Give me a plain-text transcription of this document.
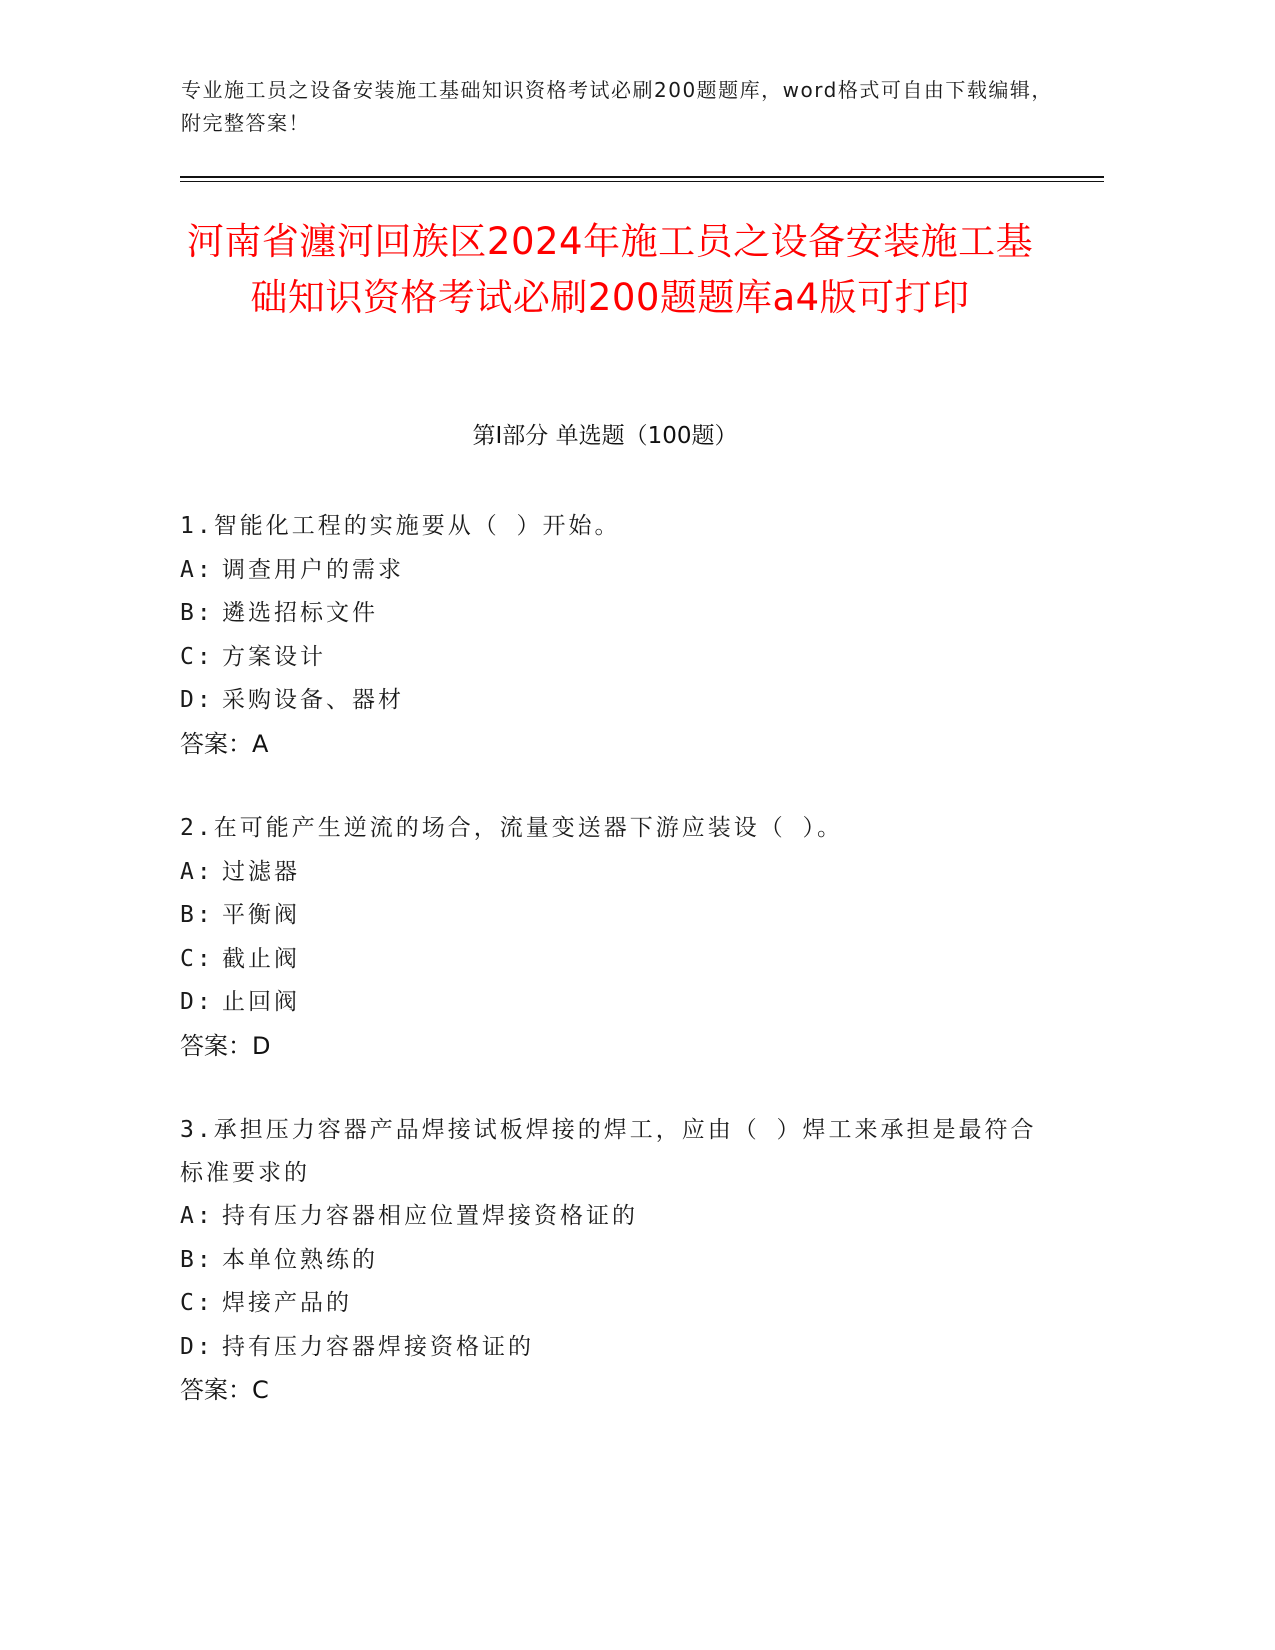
专业施工员之设备安装施工基础知识资格考试必刷200题题库，word格式可自由下载编辑，附完整答案！
河南省瀍河回族区2024年施工员之设备安装施工基础知识资格考试必刷200题题库a4版可打印
第Ⅰ部分 单选题（100题）
1.智能化工程的实施要从（ ）开始。
A: 调查用户的需求
B: 遴选招标文件
C: 方案设计
D: 采购设备、器材
答案：A
2.在可能产生逆流的场合，流量变送器下游应装设（ ）。
A: 过滤器
B: 平衡阀
C: 截止阀
D: 止回阀
答案：D
3.承担压力容器产品焊接试板焊接的焊工，应由（ ）焊工来承担是最符合标准要求的
A: 持有压力容器相应位置焊接资格证的
B: 本单位熟练的
C: 焊接产品的
D: 持有压力容器焊接资格证的
答案：C
